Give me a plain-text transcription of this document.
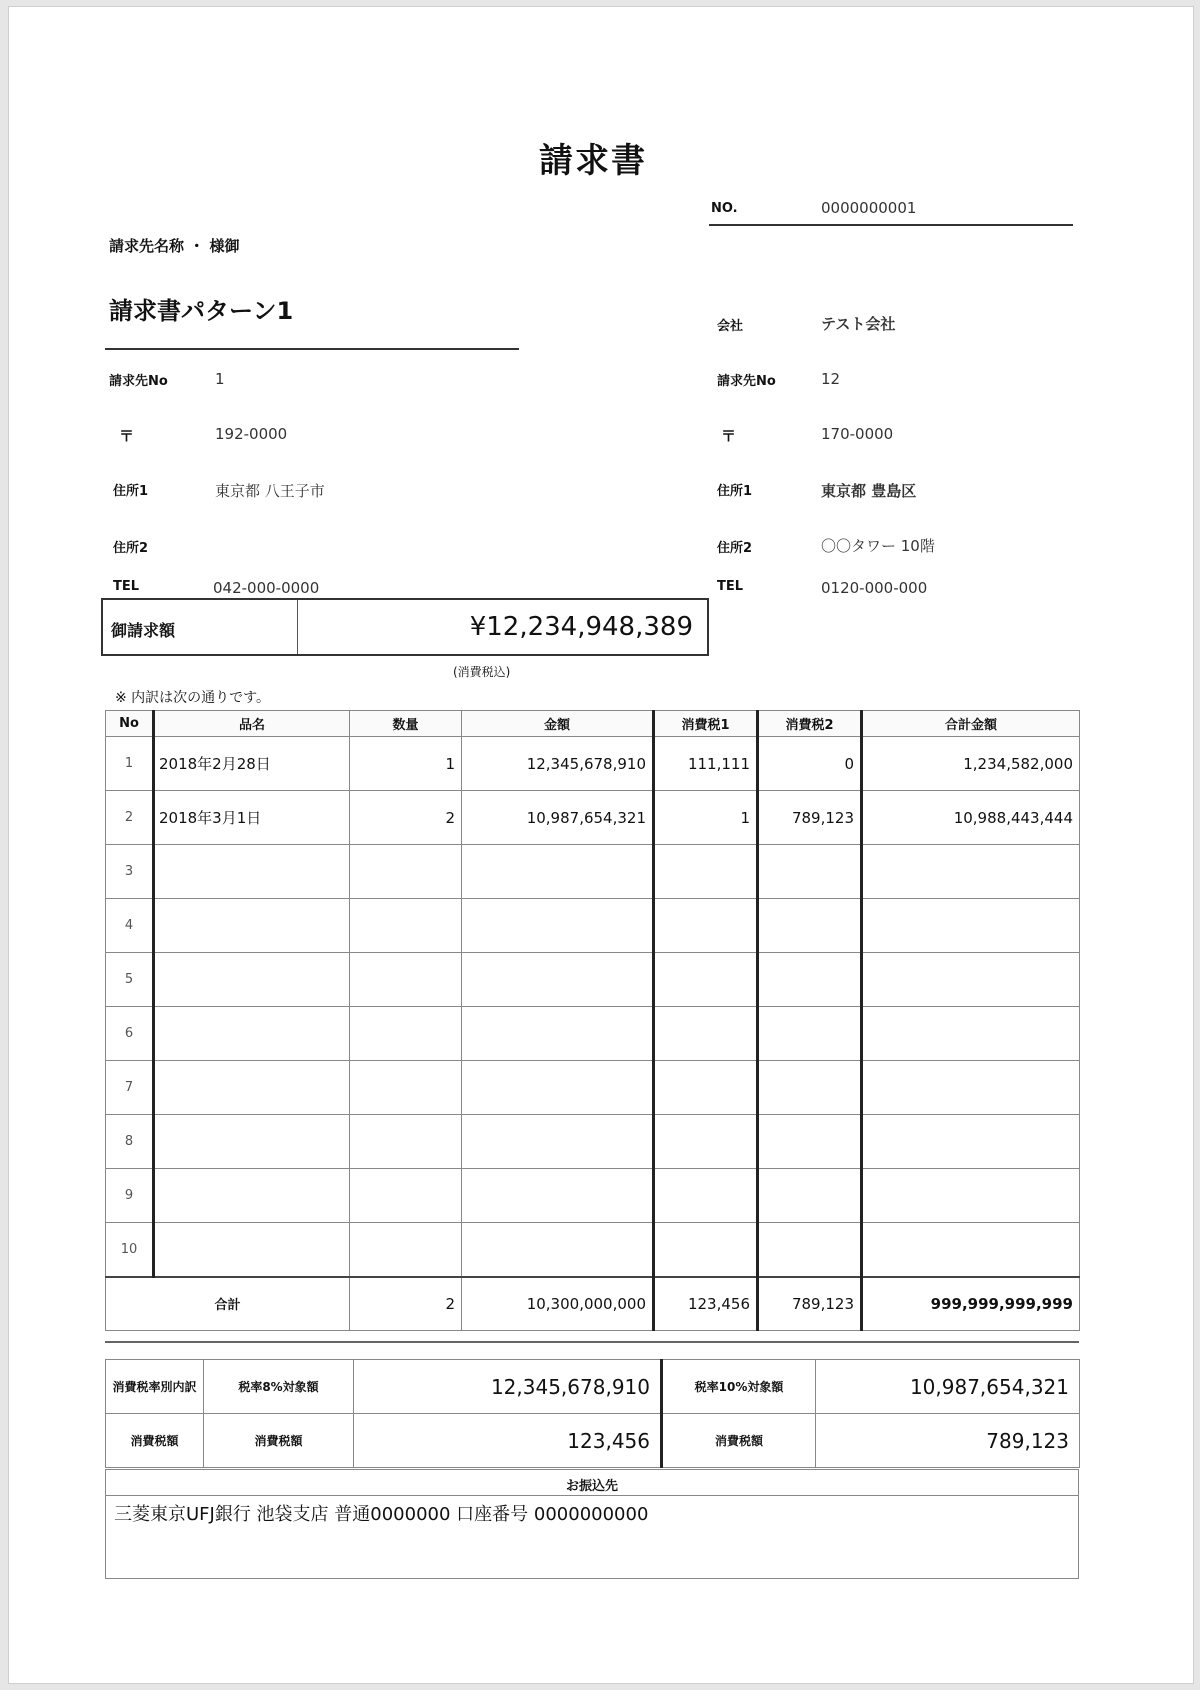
請求書
NO.	0000000001
請求先名称 ・ 様御
請求書パターン1
請求先No	1
〒	192-0000
住所1	東京都 八王子市
住所2
TEL	042-000-0000
会社	テスト会社
請求先No	12
〒	170-0000
住所1	東京都 豊島区
住所2	〇〇タワー 10階
TEL	0120-000-000
御請求額	¥12,234,948,389
(消費税込)
※ 内訳は次の通りです。
No	品名	数量	金額	消費税1	消費税2	合計金額
1	2018年2月28日	1	12,345,678,910	111,111	0	1,234,582,000
2	2018年3月1日	2	10,987,654,321	1	789,123	10,988,443,444
3						
4						
5						
6						
7						
8						
9						
10						
合計		2	10,300,000,000	123,456	789,123	999,999,999,999
消費税率別内訳	税率8%対象額	12,345,678,910	税率10%対象額	10,987,654,321
消費税額	消費税額	123,456	消費税額	789,123
お振込先
三菱東京UFJ銀行 池袋支店 普通0000000 口座番号 0000000000
